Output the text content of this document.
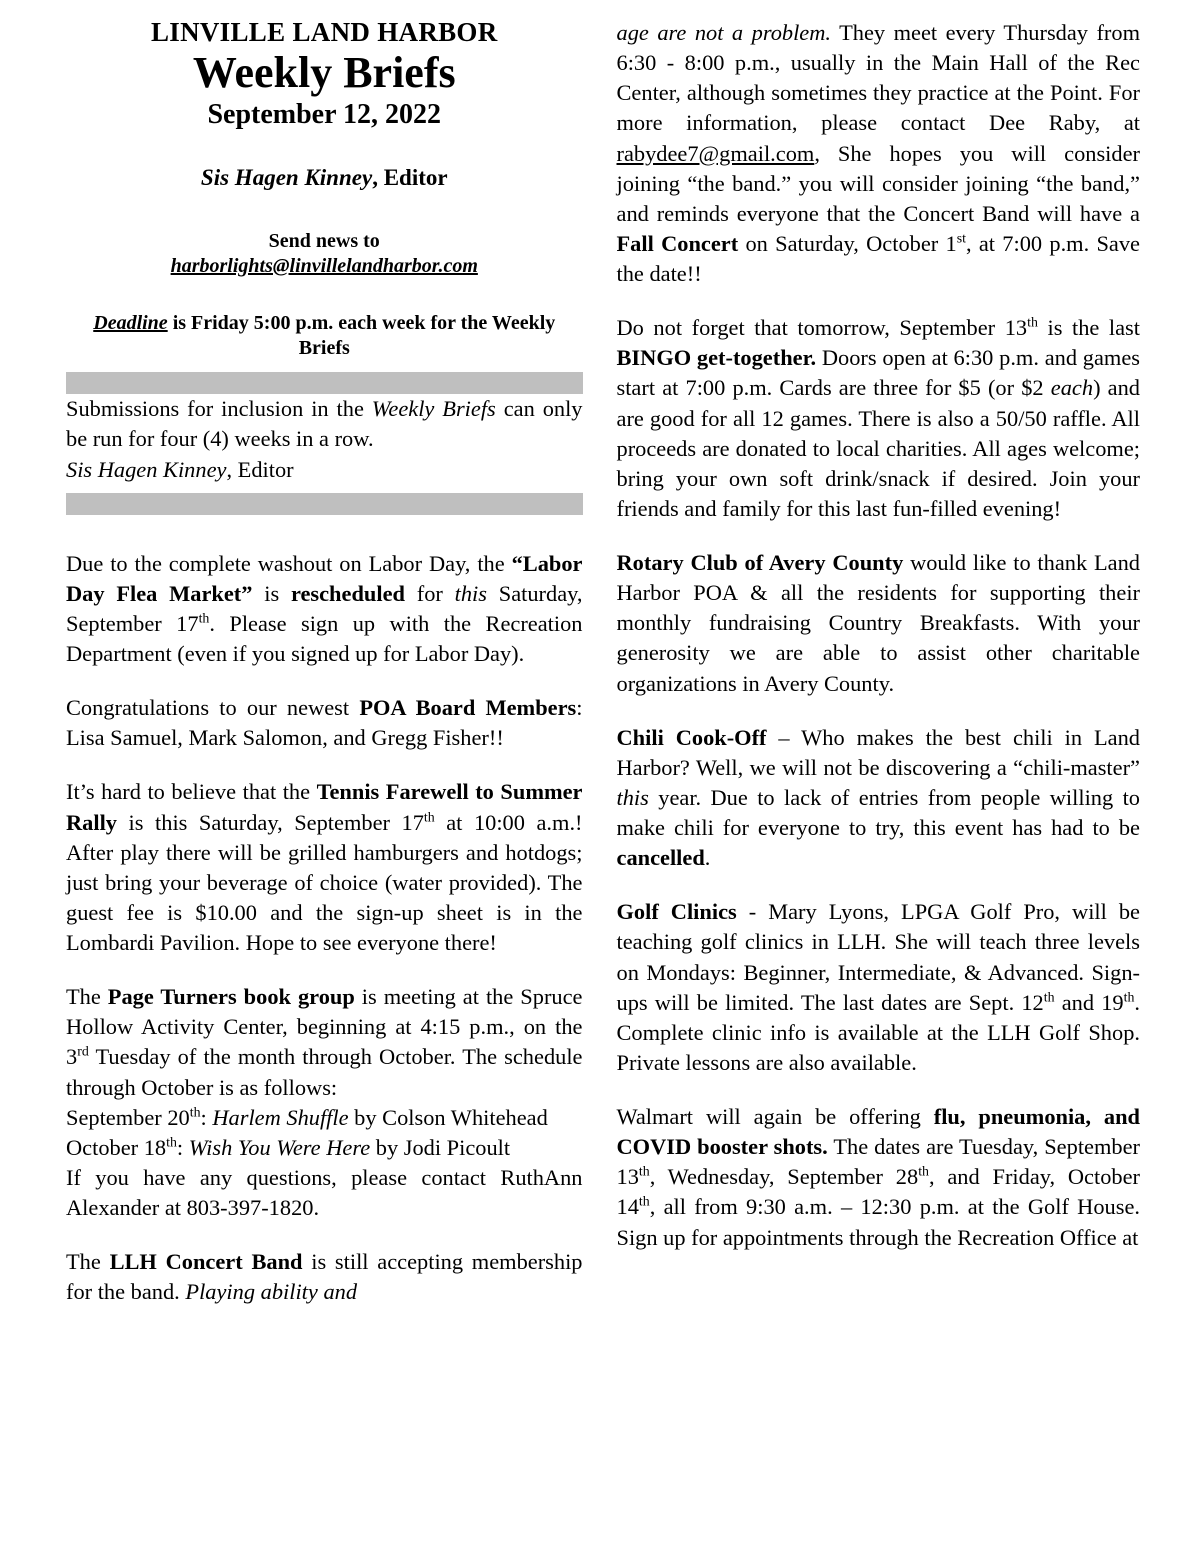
LINVILLE LAND HARBOR
Weekly Briefs
September 12, 2022
Sis Hagen Kinney, Editor
Send news to
harborlights@linvillelandharbor.com
Deadline is Friday 5:00 p.m. each week for the Weekly Briefs

Submissions for inclusion in the Weekly Briefs can only be run for four (4) weeks in a row.

Sis Hagen Kinney, Editor

Due to the complete washout on Labor Day, the “Labor Day Flea Market” is rescheduled for this Saturday, September 17th. Please sign up with the Recreation Department (even if you signed up for Labor Day).

Congratulations to our newest POA Board Members: Lisa Samuel, Mark Salomon, and Gregg Fisher!!

It’s hard to believe that the Tennis Farewell to Summer Rally is this Saturday, September 17th at 10:00 a.m.! After play there will be grilled hamburgers and hotdogs; just bring your beverage of choice (water provided). The guest fee is $10.00 and the sign-up sheet is in the Lombardi Pavilion. Hope to see everyone there!

The Page Turners book group is meeting at the Spruce Hollow Activity Center, beginning at 4:15 p.m., on the 3rd Tuesday of the month through October. The schedule through October is as follows:

September 20th: Harlem Shuffle by Colson Whitehead

October 18th: Wish You Were Here by Jodi Picoult

If you have any questions, please contact RuthAnn Alexander at 803-397-1820.

The LLH Concert Band is still accepting membership for the band. Playing ability and

age are not a problem. They meet every Thursday from 6:30 - 8:00 p.m., usually in the Main Hall of the Rec Center, although sometimes they practice at the Point. For more information, please contact Dee Raby, at rabydee7@gmail.com, She hopes you will consider joining “the band.” you will consider joining “the band,” and reminds everyone that the Concert Band will have a Fall Concert on Saturday, October 1st, at 7:00 p.m. Save the date!!

Do not forget that tomorrow, September 13th is the last BINGO get-together. Doors open at 6:30 p.m. and games start at 7:00 p.m. Cards are three for $5 (or $2 each) and are good for all 12 games. There is also a 50/50 raffle. All proceeds are donated to local charities. All ages welcome; bring your own soft drink/snack if desired. Join your friends and family for this last fun-filled evening!

Rotary Club of Avery County would like to thank Land Harbor POA & all the residents for supporting their monthly fundraising Country Breakfasts. With your generosity we are able to assist other charitable organizations in Avery County.

Chili Cook-Off – Who makes the best chili in Land Harbor? Well, we will not be discovering a “chili-master” this year. Due to lack of entries from people willing to make chili for everyone to try, this event has had to be cancelled.

Golf Clinics - Mary Lyons, LPGA Golf Pro, will be teaching golf clinics in LLH. She will teach three levels on Mondays: Beginner, Intermediate, & Advanced. Sign-ups will be limited. The last dates are Sept. 12th and 19th. Complete clinic info is available at the LLH Golf Shop. Private lessons are also available.

Walmart will again be offering flu, pneumonia, and COVID booster shots. The dates are Tuesday, September 13th, Wednesday, September 28th, and Friday, October 14th, all from 9:30 a.m. – 12:30 p.m. at the Golf House. Sign up for appointments through the Recreation Office at
